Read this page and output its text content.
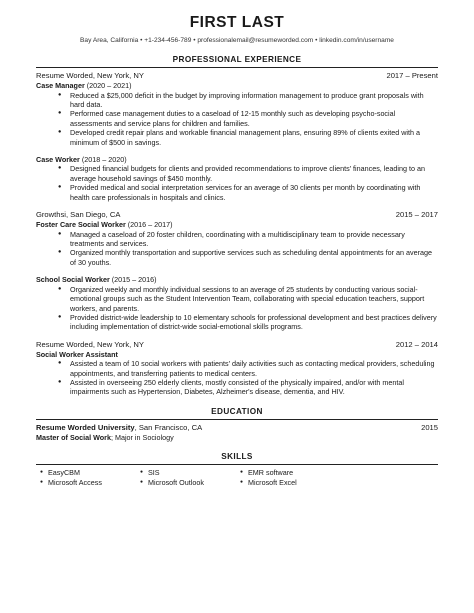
FIRST LAST
Bay Area, California • +1-234-456-789 • professionalemail@resumeworded.com • linkedin.com/in/username
PROFESSIONAL EXPERIENCE
Resume Worded, New York, NY	2017 – Present
Case Manager (2020 – 2021)
● Reduced a $25,000 deficit in the budget by improving information management to produce grant proposals with hard data.
● Performed case management duties to a caseload of 12-15 monthly such as developing psycho-social assessments and service plans for children and families.
● Developed credit repair plans and workable financial management plans, ensuring 89% of clients exited with a minimum of $500 in savings.
Case Worker (2018 – 2020)
● Designed financial budgets for clients and provided recommendations to improve clients' finances, leading to an average household savings of $450 monthly.
● Provided medical and social interpretation services for an average of 30 clients per month by coordinating with health care professionals in hospitals and clinics.
Growthsi, San Diego, CA	2015 – 2017
Foster Care Social Worker (2016 – 2017)
● Managed a caseload of 20 foster children, coordinating with a multidisciplinary team to provide necessary treatments and services.
● Organized monthly transportation and supportive services such as scheduling dental appointments for an average of 30 youths.
School Social Worker (2015 – 2016)
● Organized weekly and monthly individual sessions to an average of 25 students by conducting various social-emotional groups such as the Student Intervention Team, collaborating with special education teachers, support workers, and parents.
● Provided district-wide leadership to 10 elementary schools for professional development and best practices delivery including implementation of district-wide social-emotional skills programs.
Resume Worded, New York, NY	2012 – 2014
Social Worker Assistant
● Assisted a team of 10 social workers with patients' daily activities such as contacting medical providers, scheduling appointments, and transferring patients to medical centers.
● Assisted in overseeing 250 elderly clients, mostly consisted of the physically impaired, and/or with mental impairments such as Hypertension, Diabetes, Alzheimer's disease, dementia, and HIV.
EDUCATION
Resume Worded University, San Francisco, CA	2015
Master of Social Work; Major in Sociology
SKILLS
● EasyCBM	● SIS	● EMR software
● Microsoft Access	● Microsoft Outlook	● Microsoft Excel
